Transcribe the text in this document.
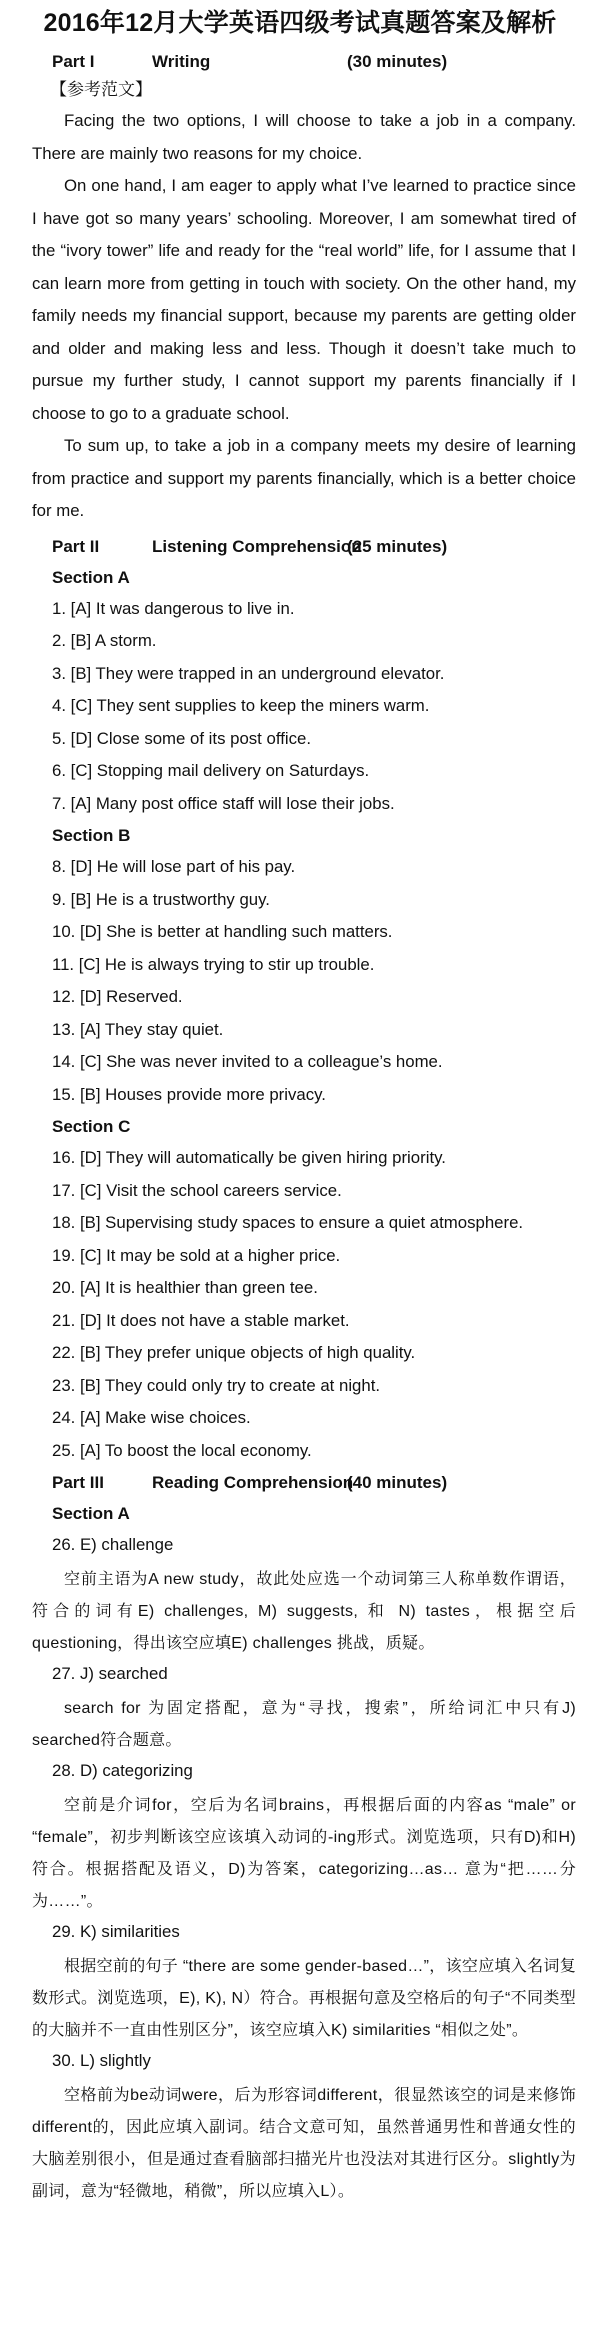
2016年12月大学英语四级考试真题答案及解析
Part I	Writing	(30 minutes)
【参考范文】

Facing the two options, I will choose to take a job in a company. There are mainly two reasons for my choice.

On one hand, I am eager to apply what I’ve learned to practice since I have got so many years’ schooling. Moreover, I am somewhat tired of the “ivory tower” life and ready for the “real world” life, for I assume that I can learn more from getting in touch with society. On the other hand, my family needs my financial support, because my parents are getting older and older and making less and less. Though it doesn’t take much to pursue my further study, I cannot support my parents financially if I choose to go to a graduate school.

To sum up, to take a job in a company meets my desire of learning from practice and support my parents financially, which is a better choice for me.

Part II	Listening Comprehension(25 minutes)
Section A
1. [A] It was dangerous to live in.
2. [B] A storm.
3. [B] They were trapped in an underground elevator.
4. [C] They sent supplies to keep the miners warm.
5. [D] Close some of its post office.
6. [C] Stopping mail delivery on Saturdays.
7. [A] Many post office staff will lose their jobs.
Section B
8. [D] He will lose part of his pay.
9. [B] He is a trustworthy guy.
10. [D] She is better at handling such matters.
11. [C] He is always trying to stir up trouble.
12. [D] Reserved.
13. [A] They stay quiet.
14. [C] She was never invited to a colleague’s home.
15. [B] Houses provide more privacy.
Section C
16. [D] They will automatically be given hiring priority.
17. [C] Visit the school careers service.
18. [B] Supervising study spaces to ensure a quiet atmosphere.
19. [C] It may be sold at a higher price.
20. [A] It is healthier than green tee.
21. [D] It does not have a stable market.
22. [B] They prefer unique objects of high quality.
23. [B] They could only try to create at night.
24. [A] Make wise choices.
25. [A] To boost the local economy.
Part III	Reading Comprehension(40 minutes)
Section A
26. E) challenge

空前主语为A new study，故此处应选一个动词第三人称单数作谓语，符合的词有E) challenges, M) suggests, 和 N) tastes，根据空后questioning，得出该空应填E) challenges 挑战，质疑。

27. J) searched

search for 为固定搭配，意为“寻找，搜索”，所给词汇中只有J) searched符合题意。

28. D) categorizing

空前是介词for，空后为名词brains，再根据后面的内容as “male” or “female”，初步判断该空应该填入动词的-ing形式。浏览选项，只有D)和H) 符合。根据搭配及语义，D)为答案，categorizing…as… 意为“把……分为……”。

29. K) similarities

根据空前的句子 “there are some gender-based…”，该空应填入名词复数形式。浏览选项，E), K), N）符合。再根据句意及空格后的句子“不同类型的大脑并不一直由性别区分”，该空应填入K) similarities “相似之处”。

30. L) slightly

空格前为be动词were，后为形容词different，很显然该空的词是来修饰different的，因此应填入副词。结合文意可知，虽然普通男性和普通女性的大脑差别很小，但是通过查看脑部扫描光片也没法对其进行区分。slightly为副词，意为“轻微地，稍微”，所以应填入L）。
